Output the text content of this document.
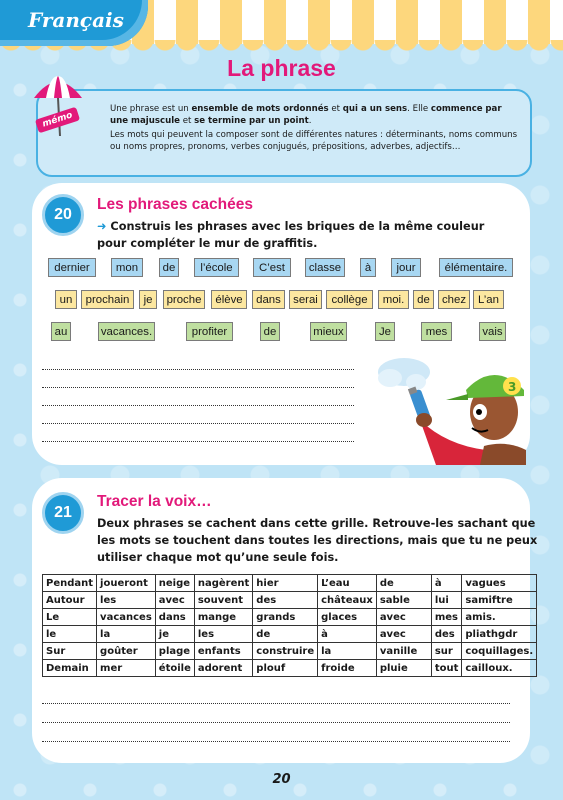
Français
La phrase

Une phrase est un ensemble de mots ordonnés et qui a un sens. Elle commence par une majuscule et se termine par un point.

Les mots qui peuvent la composer sont de différentes natures : déterminants, noms communs ou noms propres, pronoms, verbes conjugués, prépositions, adverbes, adjectifs…

mémo
20
Les phrases cachées
➜ Construis les phrases avec les briques de la même couleur
pour compléter le mur de graffitis.
dernier	mon	de	l’école	C’est	classe	à	jour	élémentaire.
un	prochain	je	proche	élève	dans	serai	collège	moi.	de	chez	L’an
au	vacances.	profiter	de	mieux	Je	mes	vais
3
21
Tracer la voix…
Deux phrases se cachent dans cette grille. Retrouve-les sachant que
les mots se touchent dans toutes les directions, mais que tu ne peux
utiliser chaque mot qu’une seule fois.
Pendant	joueront	neige	nagèrent	hier	L’eau	de	à	vagues
Autour	les	avec	souvent	des	châteaux	sable	lui	samiftre
Le	vacances	dans	mange	grands	glaces	avec	mes	amis.
le	la	je	les	de	à	avec	des	pliathgdr
Sur	goûter	plage	enfants	construire	la	vanille	sur	coquillages.
Demain	mer	étoile	adorent	plouf	froide	pluie	tout	cailloux.
20
